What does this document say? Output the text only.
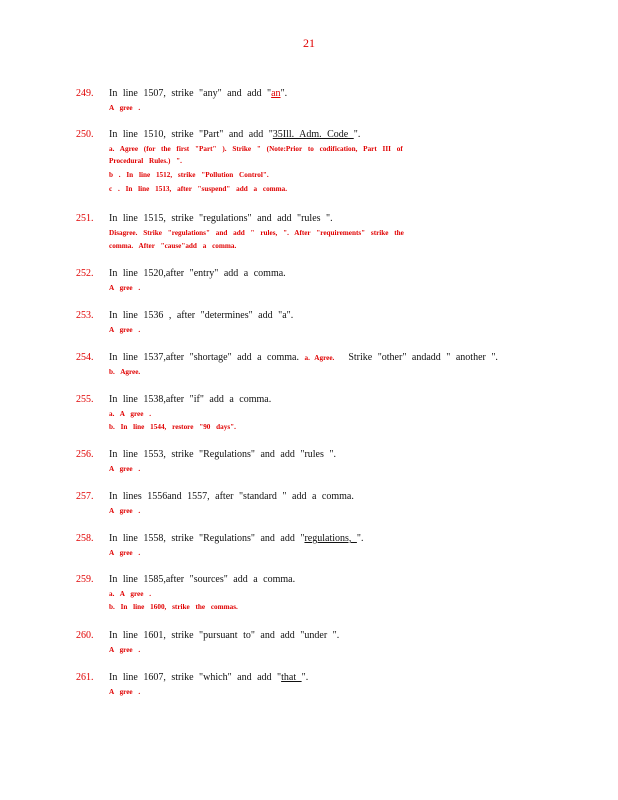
21
249. In line 1507, strike "any" and add "an".
A gree .
250. In line 1510, strike "Part" and add "35Ill. Adm. Code ".
a. Agree (for the first "Part" ). Strike " (Note:Prior to codification, Part III of
Procedural Rules.) ".
b . In line 1512, strike "Pollution Control".
c . In line 1513, after "suspend" add a comma.
251. In line 1515, strike "regulations" and add "rules ".
Disagree. Strike "regulations" and add " rules, ". After "requirements" strike the
comma. After "cause"add a comma.
252. In line 1520,after "entry" add a comma.
A gree .
253. In line 1536 , after "determines" add "a".
A gree .
254. In line 1537,after "shortage" add a comma. a. Agree. Strike "other" andadd " another ".
b. Agree.
255. In line 1538,after "if" add a comma.
a. A gree .
b. In line 1544, restore "90 days".
256. In line 1553, strike "Regulations" and add "rules ".
A gree .
257. In lines 1556and 1557, after "standard " add a comma.
A gree .
258. In line 1558, strike "Regulations" and add "regulations, ".
A gree .
259. In line 1585,after "sources" add a comma.
a. A gree .
b. In line 1600, strike the commas.
260. In line 1601, strike "pursuant to" and add "under ".
A gree .
261. In line 1607, strike "which" and add "that ".
A gree .
